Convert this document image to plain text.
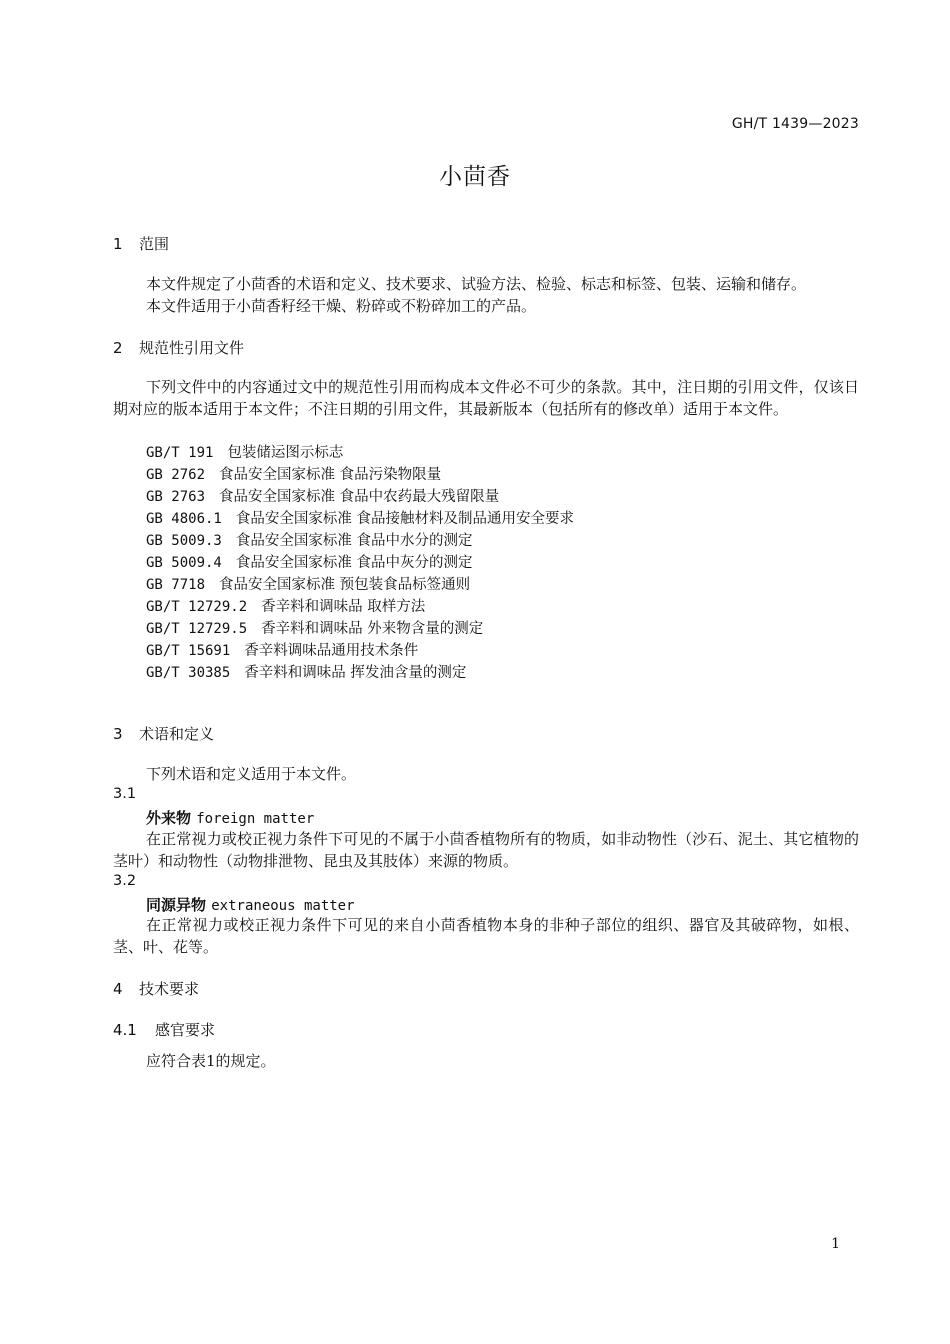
GH/T 1439—2023
小茴香
1 范围
本文件规定了小茴香的术语和定义、技术要求、试验方法、检验、标志和标签、包装、运输和储存。
本文件适用于小茴香籽经干燥、粉碎或不粉碎加工的产品。
2 规范性引用文件
下列文件中的内容通过文中的规范性引用而构成本文件必不可少的条款。其中，注日期的引用文件，仅该日期对应的版本适用于本文件；不注日期的引用文件，其最新版本（包括所有的修改单）适用于本文件。
GB/T 191 包装储运图示标志
GB 2762 食品安全国家标准 食品污染物限量
GB 2763 食品安全国家标准 食品中农药最大残留限量
GB 4806.1 食品安全国家标准 食品接触材料及制品通用安全要求
GB 5009.3 食品安全国家标准 食品中水分的测定
GB 5009.4 食品安全国家标准 食品中灰分的测定
GB 7718 食品安全国家标准 预包装食品标签通则
GB/T 12729.2 香辛料和调味品 取样方法
GB/T 12729.5 香辛料和调味品 外来物含量的测定
GB/T 15691 香辛料调味品通用技术条件
GB/T 30385 香辛料和调味品 挥发油含量的测定
3 术语和定义
下列术语和定义适用于本文件。
3.1
外来物 foreign matter
在正常视力或校正视力条件下可见的不属于小茴香植物所有的物质，如非动物性（沙石、泥土、其它植物的茎叶）和动物性（动物排泄物、昆虫及其肢体）来源的物质。
3.2
同源异物 extraneous matter
在正常视力或校正视力条件下可见的来自小茴香植物本身的非种子部位的组织、器官及其破碎物，如根、茎、叶、花等。
4 技术要求
4.1 感官要求
应符合表1的规定。
1
